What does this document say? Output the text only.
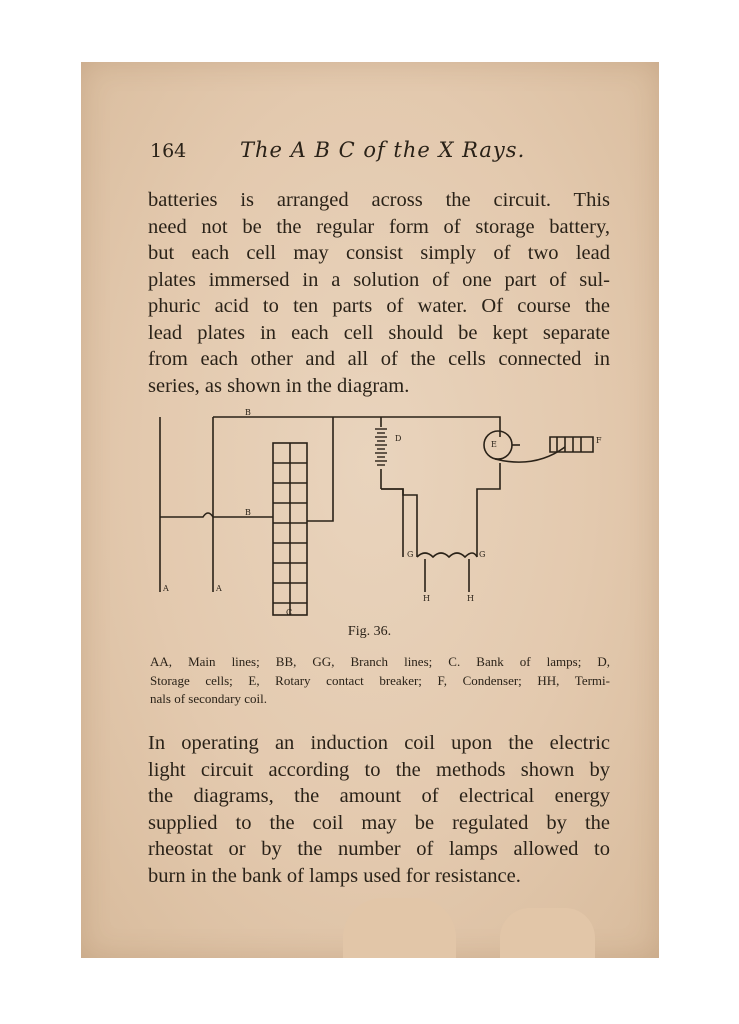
164	The A B C of the X Rays.
batteries is arranged across the circuit. This
need not be the regular form of storage battery,
but each cell may consist simply of two lead
plates immersed in a solution of one part of sul-
phuric acid to ten parts of water. Of course the
lead plates in each cell should be kept separate
from each other and all of the cells connected in
series, as shown in the diagram.
A	A
B
B
C
D
E	F
G	G
H	H
Fig. 36.
AA, Main lines; BB, GG, Branch lines; C. Bank of lamps; D,
Storage cells; E, Rotary contact breaker; F, Condenser; HH, Termi-
nals of secondary coil.
In operating an induction coil upon the electric
light circuit according to the methods shown by
the diagrams, the amount of electrical energy
supplied to the coil may be regulated by the
rheostat or by the number of lamps allowed to
burn in the bank of lamps used for resistance.
